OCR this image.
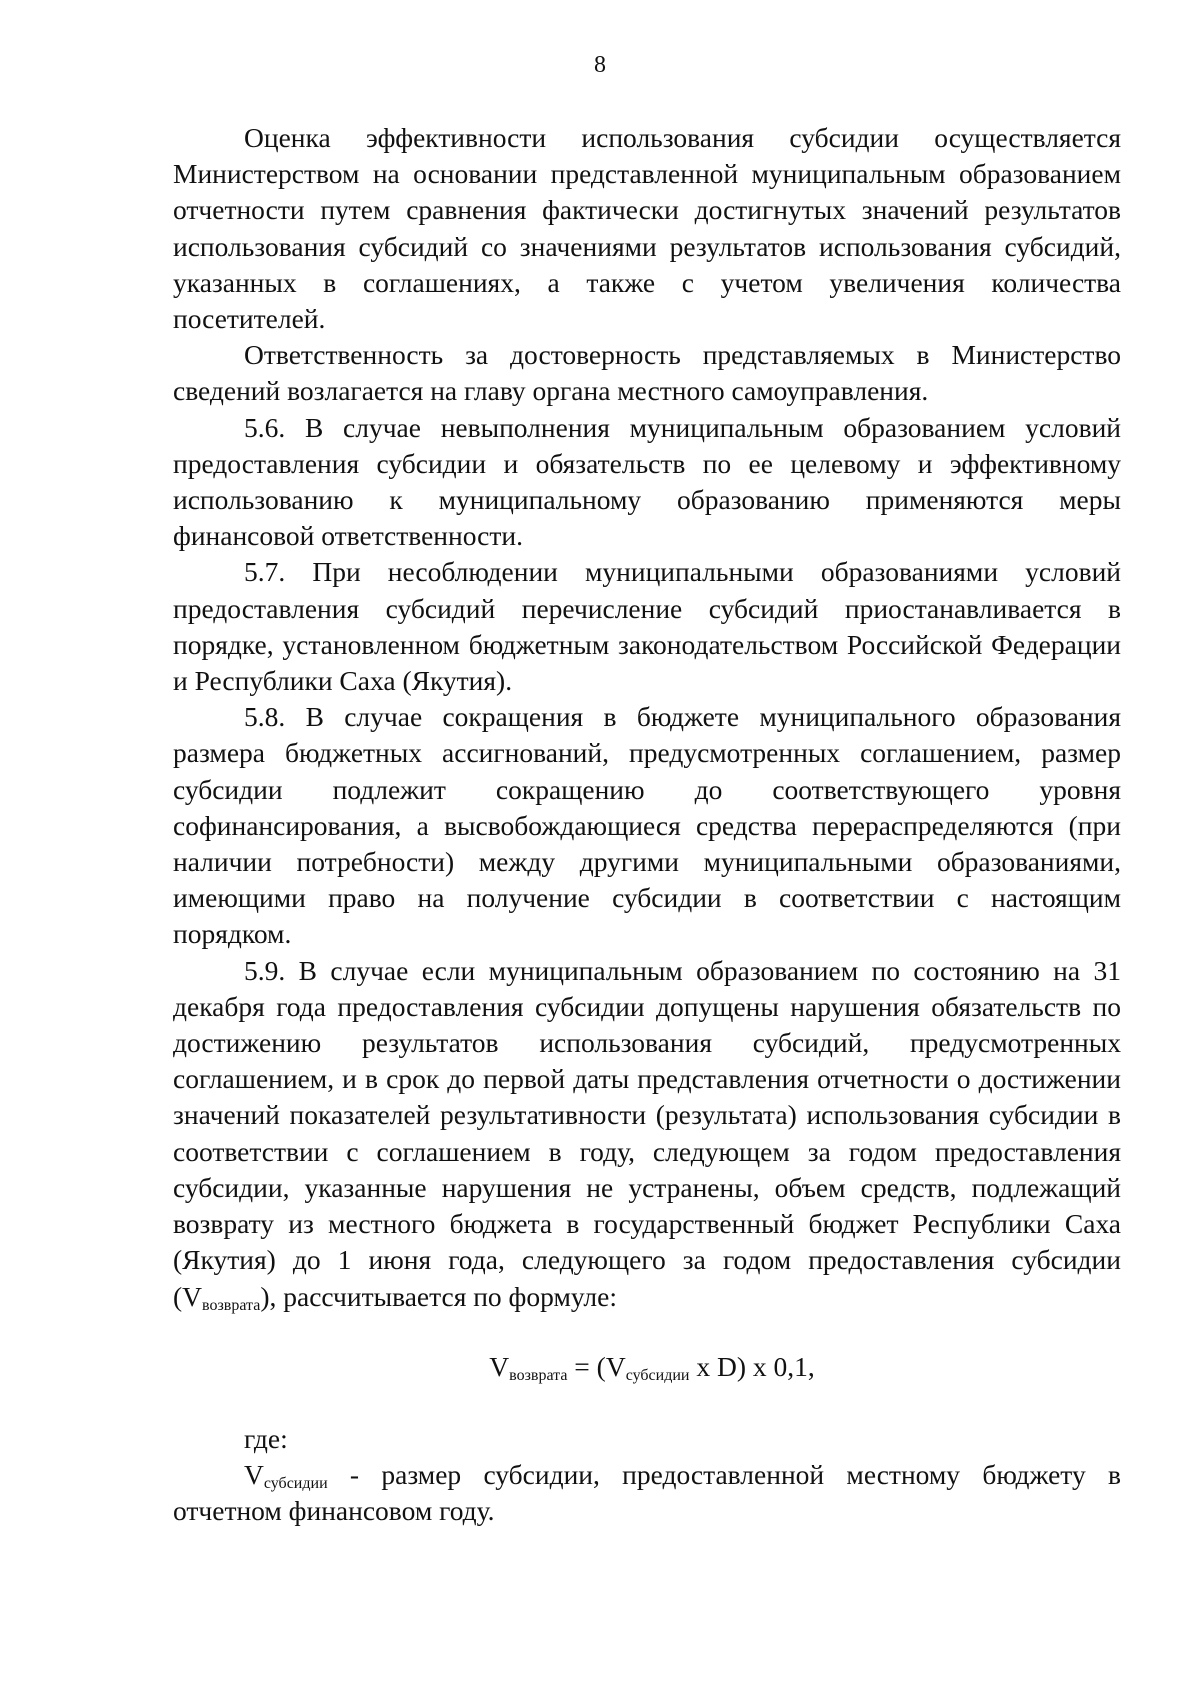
8

Оценка эффективности использования субсидии осуществляется Министерством на основании представленной муниципальным образованием отчетности путем сравнения фактически достигнутых значений результатов использования субсидий со значениями результатов использования субсидий, указанных в соглашениях, а также с учетом увеличения количества посетителей.

Ответственность за достоверность представляемых в Министерство сведений возлагается на главу органа местного самоуправления.

5.6. В случае невыполнения муниципальным образованием условий предоставления субсидии и обязательств по ее целевому и эффективному использованию к муниципальному образованию применяются меры финансовой ответственности.

5.7. При несоблюдении муниципальными образованиями условий предоставления субсидий перечисление субсидий приостанавливается в порядке, установленном бюджетным законодательством Российской Федерации и Республики Саха (Якутия).

5.8. В случае сокращения в бюджете муниципального образования размера бюджетных ассигнований, предусмотренных соглашением, размер субсидии подлежит сокращению до соответствующего уровня софинансирования, а высвобождающиеся средства перераспределяются (при наличии потребности) между другими муниципальными образованиями, имеющими право на получение субсидии в соответствии с настоящим порядком.

5.9. В случае если муниципальным образованием по состоянию на 31 декабря года предоставления субсидии допущены нарушения обязательств по достижению результатов использования субсидий, предусмотренных соглашением, и в срок до первой даты представления отчетности о достижении значений показателей результативности (результата) использования субсидии в соответствии с соглашением в году, следующем за годом предоставления субсидии, указанные нарушения не устранены, объем средств, подлежащий возврату из местного бюджета в государственный бюджет Республики Саха (Якутия) до 1 июня года, следующего за годом предоставления субсидии $(V_{возврата})$, рассчитывается по формуле:

$V_{возврата} = (V_{субсидии}$ x D) x 0,1,

где:

$V_{субсидии}$ - размер субсидии, предоставленной местному бюджету в отчетном финансовом году.
